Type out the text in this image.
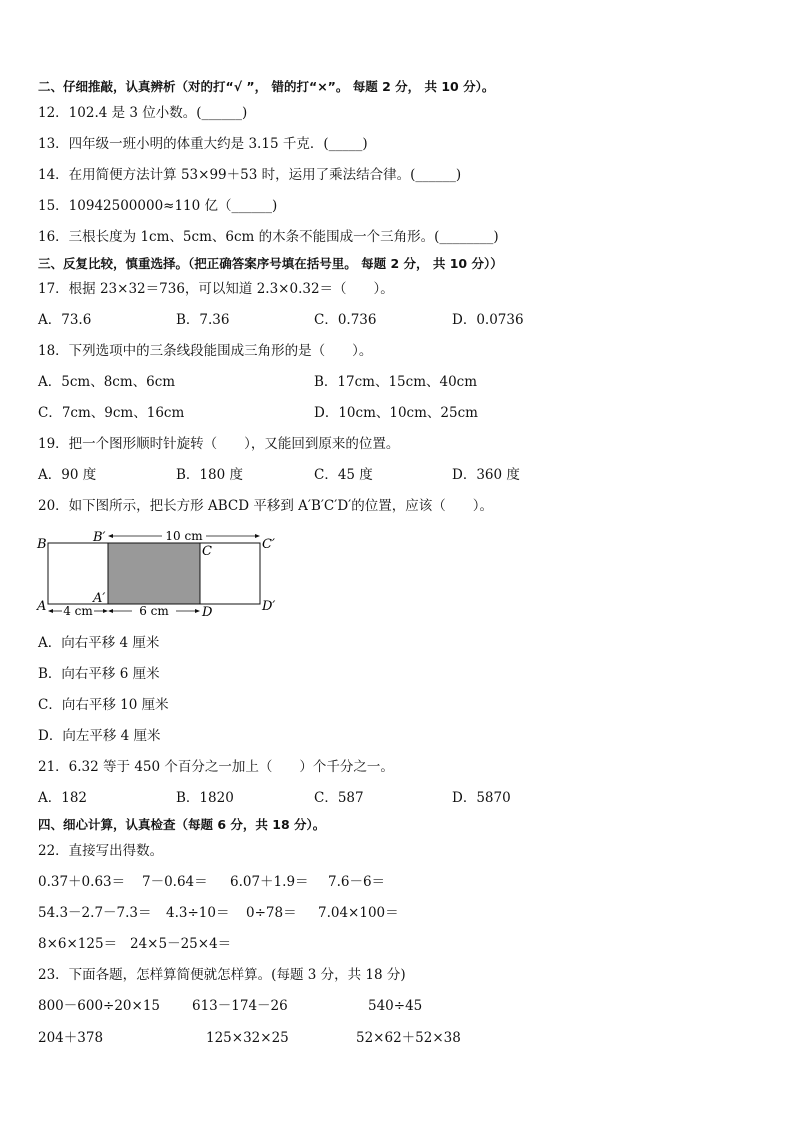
二、仔细推敲，认真辨析（对的打“√ ”， 错的打“×”。 每题 2 分， 共 10 分）。
12．102.4 是 3 位小数。(______)
13．四年级一班小明的体重大约是 3.15 千克．(_____)
14．在用简便方法计算 53×99＋53 时，运用了乘法结合律。(______)
15．10942500000≈110 亿（______)
16．三根长度为 1cm、5cm、6cm 的木条不能围成一个三角形。(________)
三、反复比较，慎重选择。（把正确答案序号填在括号里。 每题 2 分， 共 10 分））
17．根据 23×32＝736，可以知道 2.3×0.32＝（　　）。
A．73.6	B．7.36	C．0.736	D．0.0736
18．下列选项中的三条线段能围成三角形的是（　　）。
A．5cm、8cm、6cm	B．17cm、15cm、40cm
C．7cm、9cm、16cm	D．10cm、10cm、25cm
19．把一个图形顺时针旋转（　　），又能回到原来的位置。
A．90 度	B．180 度	C．45 度	D．360 度
20．如下图所示，把长方形 ABCD 平移到 A′B′C′D′的位置，应该（　　）。
10 cm
4 cm	6 cm
B	B′
C	C′
A
A′
D	D′
A．向右平移 4 厘米
B．向右平移 6 厘米
C．向右平移 10 厘米
D．向左平移 4 厘米
21．6.32 等于 450 个百分之一加上（　　）个千分之一。
A．182	B．1820	C．587	D．5870
四、细心计算，认真检查（每题 6 分，共 18 分）。
22．直接写出得数。
0.37＋0.63＝ 7－0.64＝ 6.07＋1.9＝ 7.6－6＝
54.3－2.7－7.3＝ 4.3÷10＝ 0÷78＝ 7.04×100＝
8×6×125＝ 24×5－25×4＝
23．下面各题，怎样算简便就怎样算。(每题 3 分，共 18 分)
800－600÷20×15 613－174－26	540÷45
204＋378	125×32×25	52×62＋52×38
